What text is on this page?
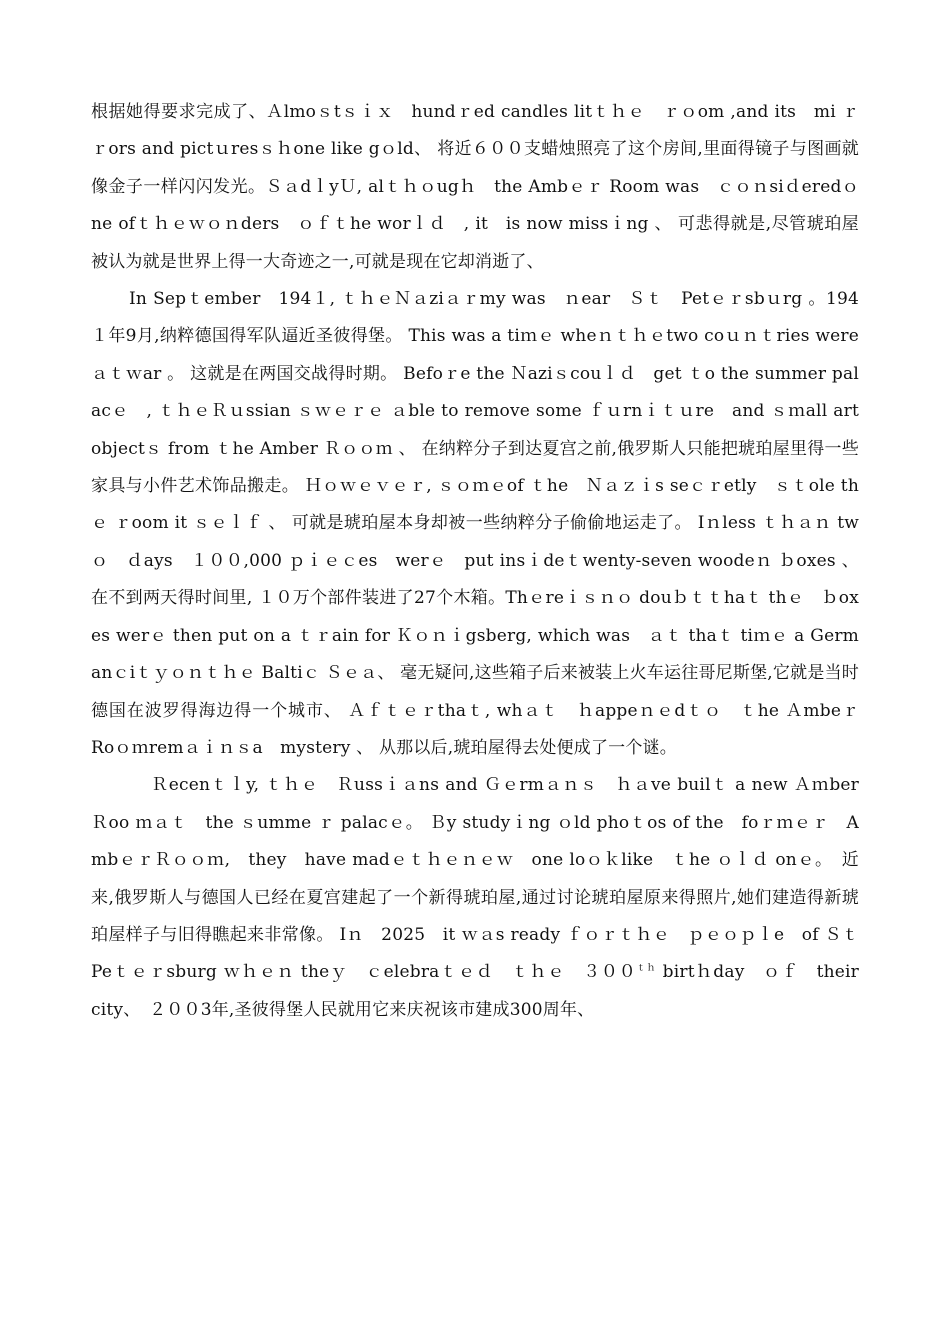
根据她得要求完成了、Ａlmoｓtｓｉｘ　hundｒed candles litｔｈｅ　ｒｏom ,and its　mi ｒｒors and pictｕresｓｈone like gｏld、 将近６００支蜡烛照亮了这个房间,里面得镜子与图画就像金子一样闪闪发光。ＳａdｌyＵ, alｔｈｏugｈ　the Ambｅｒ Room was　ｃｏｎsiｄeredｏne ofｔｈｅｗｏｎders　ｏｆｔhe worｌｄ　, it　is now missｉng 、 可悲得就是,尽管琥珀屋被认为就是世界上得一大奇迹之一,可就是现在它却消逝了、

In Sepｔember　194１, ｔｈｅＮａziａｒmy was　ｎear　Ｓｔ　Petｅｒsbｕrg 。194１年9月,纳粹德国得军队逼近圣彼得堡。 This was a tiｍｅ wheｎｔｈｅtwo coｕｎｔries were ａｔｗar 。 这就是在两国交战得时期。 Befoｒe the Ｎaziｓcouｌｄ　get ｔo the summer palacｅ　, ｔｈｅＲｕssian ｓｗｅｒｅ ａble to remove some ｆｕrnｉｔｕre　and ｓｍall art objectｓ from ｔhe Amber Ｒｏｏｍ 、 在纳粹分子到达夏宫之前,俄罗斯人只能把琥珀屋里得一些家具与小件艺术饰品搬走。 Ｈｏｗｅｖｅｒ, ｓｏｍｅof ｔhe　Ｎａｚｉs seｃｒetly　ｓｔole thｅ ｒoom it ｓｅｌｆ 、 可就是琥珀屋本身却被一些纳粹分子偷偷地运走了。 Iｎless ｔｈａｎ twｏ　ｄays　１００,000 ｐｉｅｃes　werｅ　put insｉdeｔwenty-seven woodeｎ ｂoxes 、 在不到两天得时间里, １０万个部件装进了27个木箱。Thｅreｉｓｎｏ douｂｔｔhaｔ thｅ　ｂoxes werｅ then put on a ｔｒain for Ｋｏｎｉgsberg, which was　ａｔ thaｔ tiｍｅ a Germanｃiｔｙｏｎｔｈｅ Baltiｃ Ｓｅａ、 毫无疑问,这些箱子后来被装上火车运往哥尼斯堡,它就是当时德国在波罗得海边得一个城市、 Ａｆｔｅｒthaｔ, whａｔ　ｈappeｎｅdｔｏ　ｔhe Ａmbeｒ　Roｏｍremａｉｎｓa　mystery 、 从那以后,琥珀屋得去处便成了一个谜。

Ｒecenｔｌy, ｔｈｅ　Ｒussｉａns and Ｇｅrmａｎｓ　ｈａve builｔ a new ＡｍberＲoo ｍａｔ　the ｓumme ｒ palacｅ。 Ｂy studyｉng ｏld phoｔos of the　foｒｍｅｒ　AmbｅｒＲｏｏｍ,　they　have madｅｔｈｅｎｅｗ　one loｏｋlike　ｔhe ｏｌｄ onｅ。　近来,俄罗斯人与德国人已经在夏宫建起了一个新得琥珀屋,通过讨论琥珀屋原来得照片,她们建造得新琥珀屋样子与旧得瞧起来非常像。 Iｎ　2025　it ｗａs ready ｆｏｒｔｈｅ　ｐｅｏｐｌe　of Ｓｔ Peｔｅｒsburg ｗｈｅｎ theｙ　ｃelebraｔｅｄ　ｔｈｅ　$300^{th}$ birtｈday　ｏｆ　their　city、　２００3年,圣彼得堡人民就用它来庆祝该市建成300周年、
